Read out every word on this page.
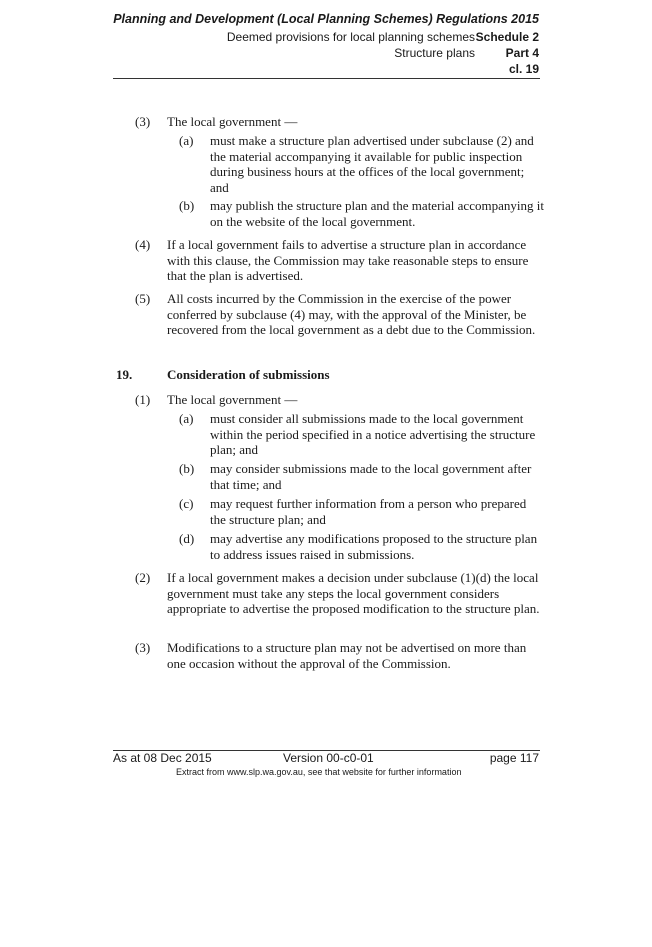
Planning and Development (Local Planning Schemes) Regulations 2015
Deemed provisions for local planning schemes Schedule 2
Structure plans	Part 4
cl. 19
(3) The local government —
(a) must make a structure plan advertised under subclause (2) and the material accompanying it available for public inspection during business hours at the offices of the local government; and
(b) may publish the structure plan and the material accompanying it on the website of the local government.
(4) If a local government fails to advertise a structure plan in accordance with this clause, the Commission may take reasonable steps to ensure that the plan is advertised.
(5) All costs incurred by the Commission in the exercise of the power conferred by subclause (4) may, with the approval of the Minister, be recovered from the local government as a debt due to the Commission.
19.	Consideration of submissions
(1) The local government —
(a) must consider all submissions made to the local government within the period specified in a notice advertising the structure plan; and
(b) may consider submissions made to the local government after that time; and
(c) may request further information from a person who prepared the structure plan; and
(d) may advertise any modifications proposed to the structure plan to address issues raised in submissions.
(2) If a local government makes a decision under subclause (1)(d) the local government must take any steps the local government considers appropriate to advertise the proposed modification to the structure plan.
(3) Modifications to a structure plan may not be advertised on more than one occasion without the approval of the Commission.
As at 08 Dec 2015	Version 00-c0-01	page 117
Extract from www.slp.wa.gov.au, see that website for further information
